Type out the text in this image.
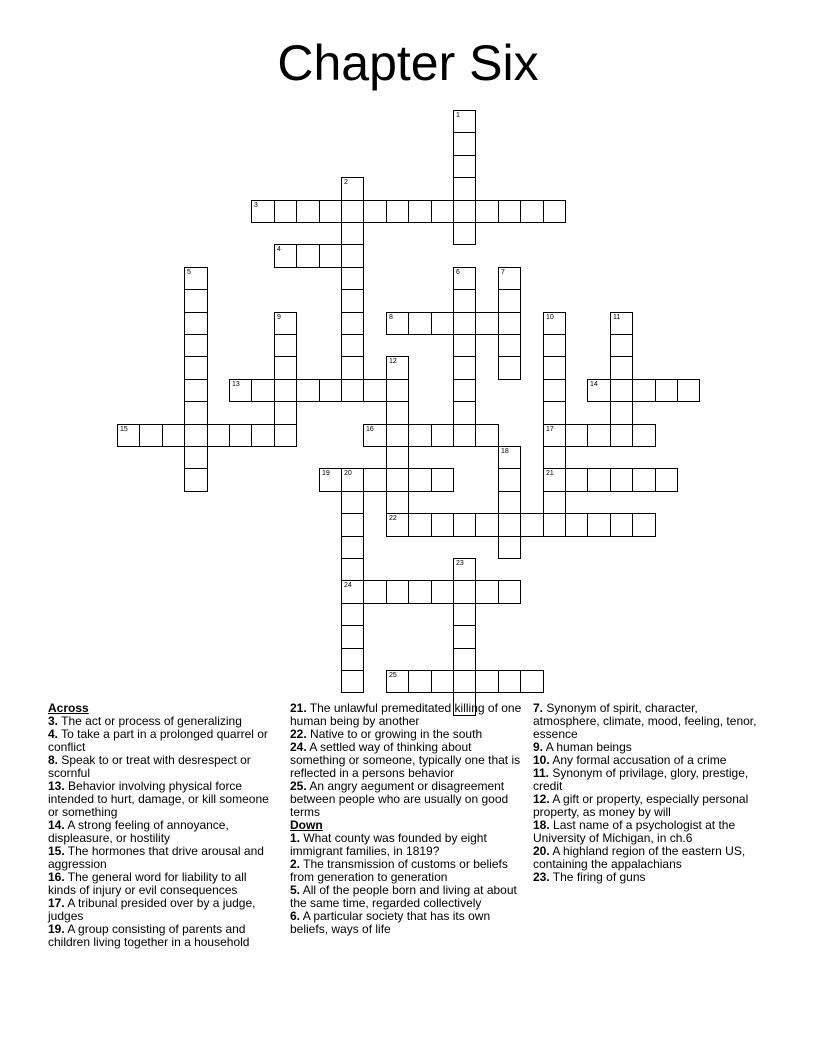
Chapter Six
3
4
8
13	14
15	16	17
19 20	21
22
24
25
1
2
5	6	7
9	10	11
12
18
23
Across
3. The act or process of generalizing
4. To take a part in a prolonged quarrel or conflict
8. Speak to or treat with desrespect or scornful
13. Behavior involving physical force intended to hurt, damage, or kill someone or something
14. A strong feeling of annoyance, displeasure, or hostility
15. The hormones that drive arousal and aggression
16. The general word for liability to all kinds of injury or evil consequences
17. A tribunal presided over by a judge, judges
19. A group consisting of parents and children living together in a household
21. The unlawful premeditated killing of one human being by another
22. Native to or growing in the south
24. A settled way of thinking about something or someone, typically one that is reflected in a persons behavior
25. An angry aegument or disagreement between people who are usually on good terms
Down
1. What county was founded by eight immigrant families, in 1819?
2. The transmission of customs or beliefs from generation to generation
5. All of the people born and living at about the same time, regarded collectively
6. A particular society that has its own beliefs, ways of life
7. Synonym of spirit, character, atmosphere, climate, mood, feeling, tenor, essence
9. A human beings
10. Any formal accusation of a crime
11. Synonym of privilage, glory, prestige, credit
12. A gift or property, especially personal property, as money by will
18. Last name of a psychologist at the University of Michigan, in ch.6
20. A highland region of the eastern US, containing the appalachians
23. The firing of guns
